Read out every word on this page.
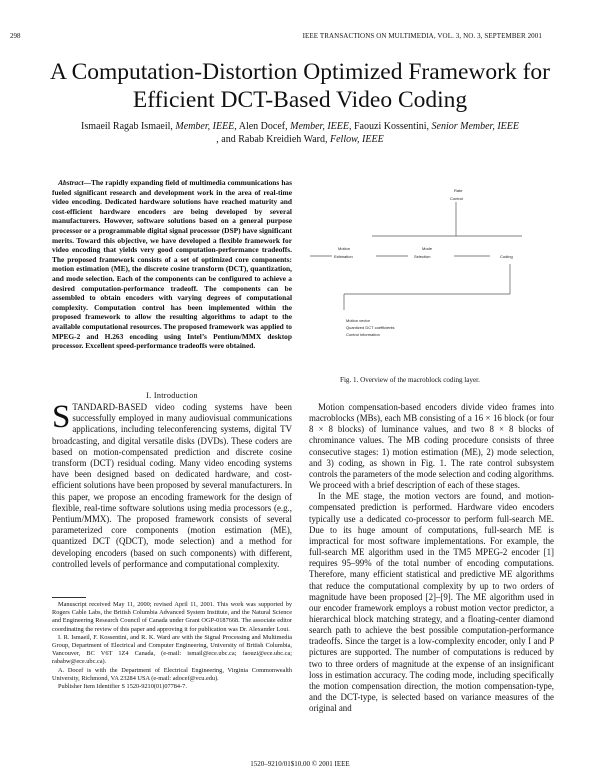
298	IEEE TRANSACTIONS ON MULTIMEDIA, VOL. 3, NO. 3, SEPTEMBER 2001
A Computation-Distortion Optimized Framework for Efficient DCT-Based Video Coding
Ismaeil Ragab Ismaeil, Member, IEEE, Alen Docef, Member, IEEE, Faouzi Kossentini, Senior Member, IEEE
, and Rabab Kreidieh Ward, Fellow, IEEE
Abstract—The rapidly expanding field of multimedia communications has fueled significant research and development work in the area of real-time video encoding. Dedicated hardware solutions have reached maturity and cost-efficient hardware encoders are being developed by several manufacturers. However, software solutions based on a general purpose processor or a programmable digital signal processor (DSP) have significant merits. Toward this objective, we have developed a flexible framework for video encoding that yields very good computation-performance tradeoffs. The proposed framework consists of a set of optimized core components: motion estimation (ME), the discrete cosine transform (DCT), quantization, and mode selection. Each of the components can be configured to achieve a desired computation-performance tradeoff. The components can be assembled to obtain encoders with varying degrees of computational complexity. Computation control has been implemented within the proposed framework to allow the resulting algorithms to adapt to the available computational resources. The proposed framework was applied to MPEG-2 and H.263 encoding using Intel’s Pentium/MMX desktop processor. Excellent speed-performance tradeoffs were obtained.
I. Introduction
STANDARD-BASED video coding systems have been successfully employed in many audiovisual communications applications, including teleconferencing systems, digital TV broadcasting, and digital versatile disks (DVDs). These coders are based on motion-compensated prediction and discrete cosine transform (DCT) residual coding. Many video encoding systems have been designed based on dedicated hardware, and cost-efficient solutions have been proposed by several manufacturers. In this paper, we propose an encoding framework for the design of flexible, real-time software solutions using media processors (e.g., Pentium/MMX). The proposed framework consists of several parameterized core components (motion estimation (ME), quantized DCT (QDCT), mode selection) and a method for developing encoders (based on such components) with different, controlled levels of performance and computational complexity.

Manuscript received May 11, 2000; revised April 11, 2001. This work was supported by Rogers Cable Labs, the British Columbia Advanced System Institute, and the Natural Science and Engineering Research Council of Canada under Grant OGP-0187668. The associate editor coordinating the review of this paper and approving it for publication was Dr. Alexander Loui.

I. R. Ismaeil, F. Kossentini, and R. K. Ward are with the Signal Processing and Multimedia Group, Department of Electrical and Computer Engineering, University of British Columbia, Vancouver, BC V6T 1Z4 Canada, (e-mail: ismail@ece.ubc.ca; faouzi@ece.ubc.ca; rababw@ece.ubc.ca).

A. Docef is with the Department of Electrical Engineering, Virginia Commonwealth University, Richmond, VA 23284 USA (e-mail: adocef@vcu.edu).

Publisher Item Identifier S 1520-9210(01)07784-7.

Rate
Control
Motion
Estimation
Mode
Selection	Coding
Motion vector
Quantized DCT coefficients
Control information
Fig. 1. Overview of the macroblock coding layer.

Motion compensation-based encoders divide video frames into macroblocks (MBs), each MB consisting of a 16 × 16 block (or four 8 × 8 blocks) of luminance values, and two 8 × 8 blocks of chrominance values. The MB coding procedure consists of three consecutive stages: 1) motion estimation (ME), 2) mode selection, and 3) coding, as shown in Fig. 1. The rate control subsystem controls the parameters of the mode selection and coding algorithms. We proceed with a brief description of each of these stages.

In the ME stage, the motion vectors are found, and motion-compensated prediction is performed. Hardware video encoders typically use a dedicated co-processor to perform full-search ME. Due to its huge amount of computations, full-search ME is impractical for most software implementations. For example, the full-search ME algorithm used in the TM5 MPEG-2 encoder [1] requires 95–99% of the total number of encoding computations. Therefore, many efficient statistical and predictive ME algorithms that reduce the computational complexity by up to two orders of magnitude have been proposed [2]–[9]. The ME algorithm used in our encoder framework employs a robust motion vector predictor, a hierarchical block matching strategy, and a floating-center diamond search path to achieve the best possible computation-performance tradeoffs. Since the target is a low-complexity encoder, only I and P pictures are supported. The number of computations is reduced by two to three orders of magnitude at the expense of an insignificant loss in estimation accuracy. The coding mode, including specifically the motion compensation direction, the motion compensation-type, and the DCT-type, is selected based on variance measures of the original and

1520–9210/01$10.00 © 2001 IEEE
